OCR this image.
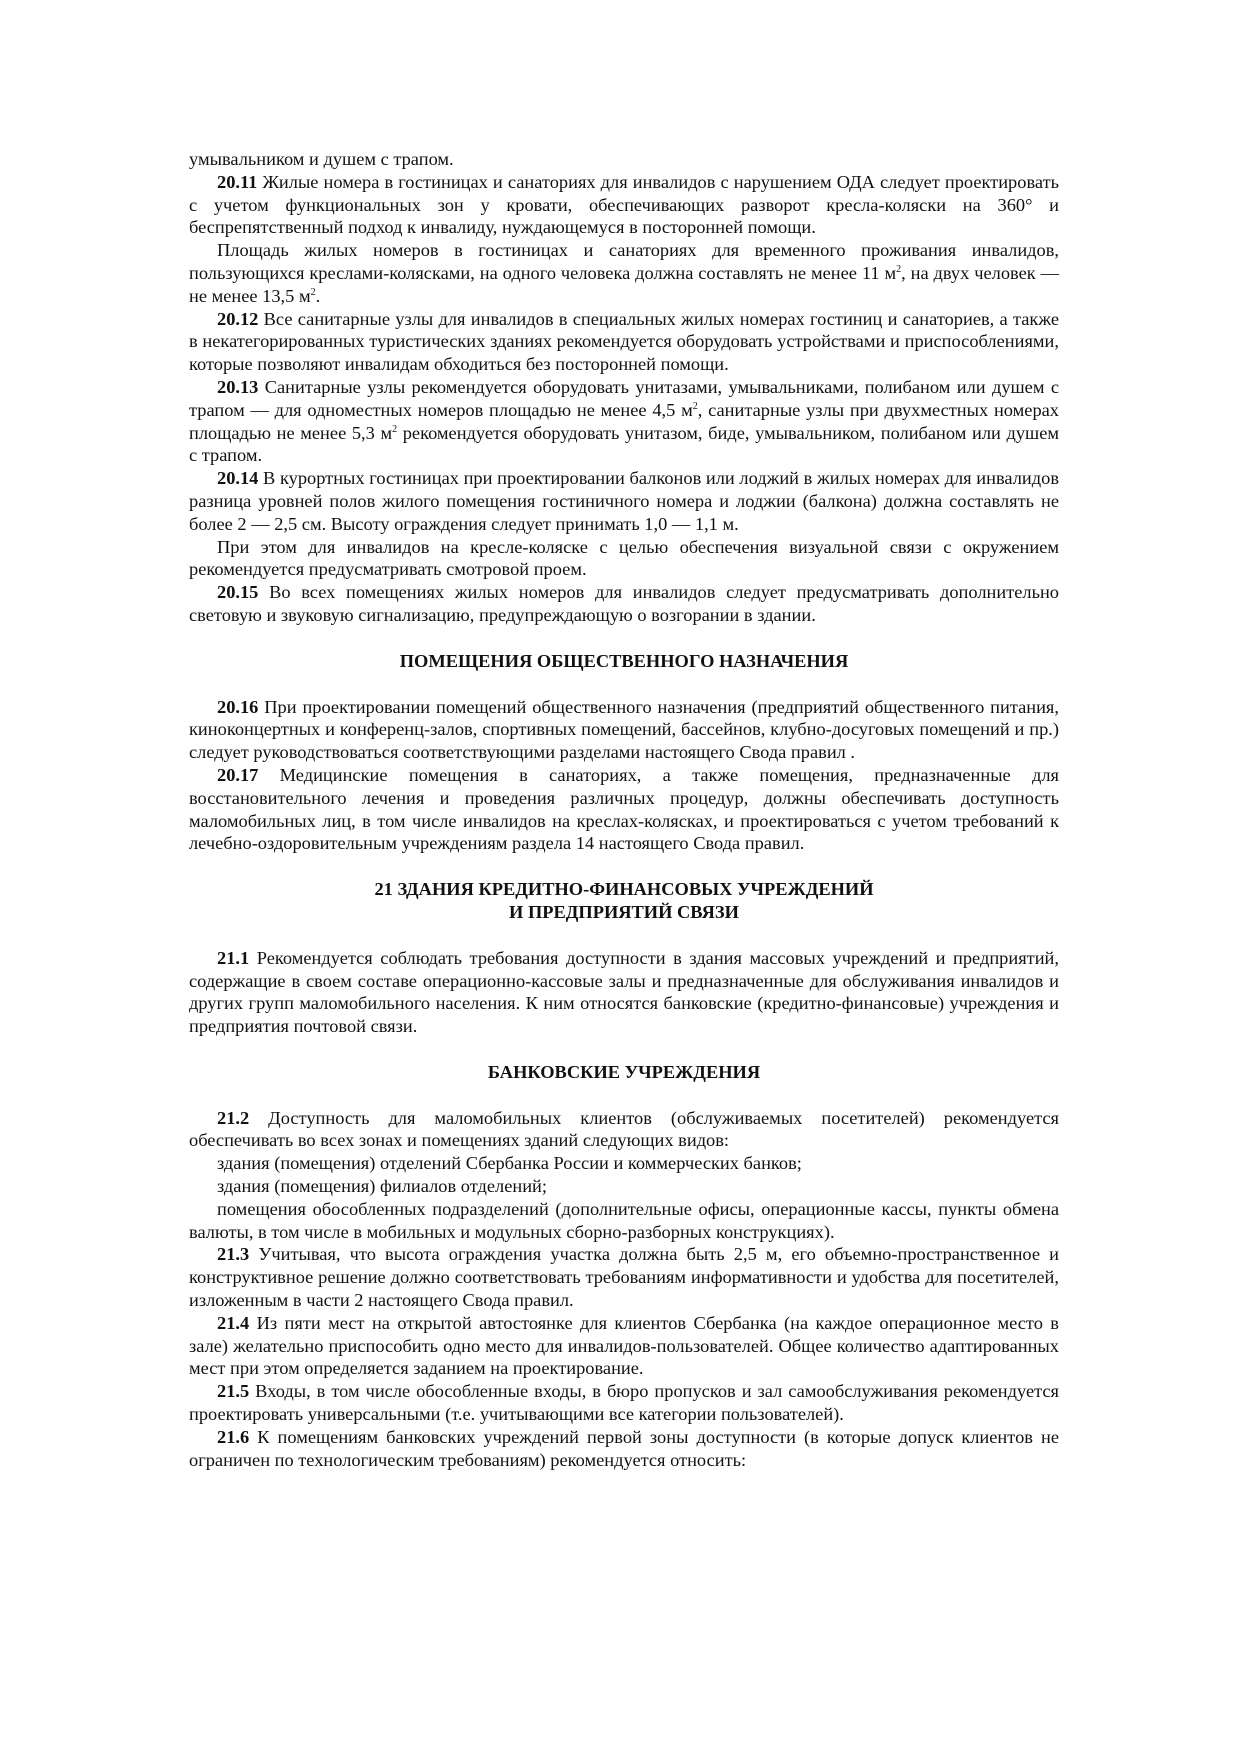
умывальником и душем с трапом.

20.11 Жилые номера в гостиницах и санаториях для инвалидов с нарушением ОДА следует проектировать с учетом функциональных зон у кровати, обеспечивающих разворот кресла-коляски на 360° и беспрепятственный подход к инвалиду, нуждающемуся в посторонней помощи.

Площадь жилых номеров в гостиницах и санаториях для временного проживания инвалидов, пользующихся креслами-колясками, на одного человека должна составлять не менее 11 $м^2$, на двух человек — не менее 13,5 $м^2$.

20.12 Все санитарные узлы для инвалидов в специальных жилых номерах гостиниц и санаториев, а также в некатегорированных туристических зданиях рекомендуется оборудовать устройствами и приспособлениями, которые позволяют инвалидам обходиться без посторонней помощи.

20.13 Санитарные узлы рекомендуется оборудовать унитазами, умывальниками, полибаном или душем с трапом — для одноместных номеров площадью не менее 4,5 $м^2$, санитарные узлы при двухместных номерах площадью не менее 5,3 $м^2$ рекомендуется оборудовать унитазом, биде, умывальником, полибаном или душем с трапом.

20.14 В курортных гостиницах при проектировании балконов или лоджий в жилых номерах для инвалидов разница уровней полов жилого помещения гостиничного номера и лоджии (балкона) должна составлять не более 2 — 2,5 см. Высоту ограждения следует принимать 1,0 — 1,1 м.

При этом для инвалидов на кресле-коляске с целью обеспечения визуальной связи с окружением рекомендуется предусматривать смотровой проем.

20.15 Во всех помещениях жилых номеров для инвалидов следует предусматривать дополнительно световую и звуковую сигнализацию, предупреждающую о возгорании в здании.

ПОМЕЩЕНИЯ ОБЩЕСТВЕННОГО НАЗНАЧЕНИЯ

20.16 При проектировании помещений общественного назначения (предприятий общественного питания, киноконцертных и конференц-залов, спортивных помещений, бассейнов, клубно-досуговых помещений и пр.) следует руководствоваться соответствующими разделами настоящего Свода правил .

20.17 Медицинские помещения в санаториях, а также помещения, предназначенные для восстановительного лечения и проведения различных процедур, должны обеспечивать доступность маломобильных лиц, в том числе инвалидов на креслах-колясках, и проектироваться с учетом требований к лечебно-оздоровительным учреждениям раздела 14 настоящего Свода правил.

21 ЗДАНИЯ КРЕДИТНО-ФИНАНСОВЫХ УЧРЕЖДЕНИЙ

И ПРЕДПРИЯТИЙ СВЯЗИ

21.1 Рекомендуется соблюдать требования доступности в здания массовых учреждений и предприятий, содержащие в своем составе операционно-кассовые залы и предназначенные для обслуживания инвалидов и других групп маломобильного населения. К ним относятся банковские (кредитно-финансовые) учреждения и предприятия почтовой связи.

БАНКОВСКИЕ УЧРЕЖДЕНИЯ

21.2 Доступность для маломобильных клиентов (обслуживаемых посетителей) рекомендуется обеспечивать во всех зонах и помещениях зданий следующих видов:

здания (помещения) отделений Сбербанка России и коммерческих банков;

здания (помещения) филиалов отделений;

помещения обособленных подразделений (дополнительные офисы, операционные кассы, пункты обмена валюты, в том числе в мобильных и модульных сборно-разборных конструкциях).

21.3 Учитывая, что высота ограждения участка должна быть 2,5 м, его объемно-пространственное и конструктивное решение должно соответствовать требованиям информативности и удобства для посетителей, изложенным в части 2 настоящего Свода правил.

21.4 Из пяти мест на открытой автостоянке для клиентов Сбербанка (на каждое операционное место в зале) желательно приспособить одно место для инвалидов-пользователей. Общее количество адаптированных мест при этом определяется заданием на проектирование.

21.5 Входы, в том числе обособленные входы, в бюро пропусков и зал самообслуживания рекомендуется проектировать универсальными (т.е. учитывающими все категории пользователей).

21.6 К помещениям банковских учреждений первой зоны доступности (в которые допуск клиентов не ограничен по технологическим требованиям) рекомендуется относить:
